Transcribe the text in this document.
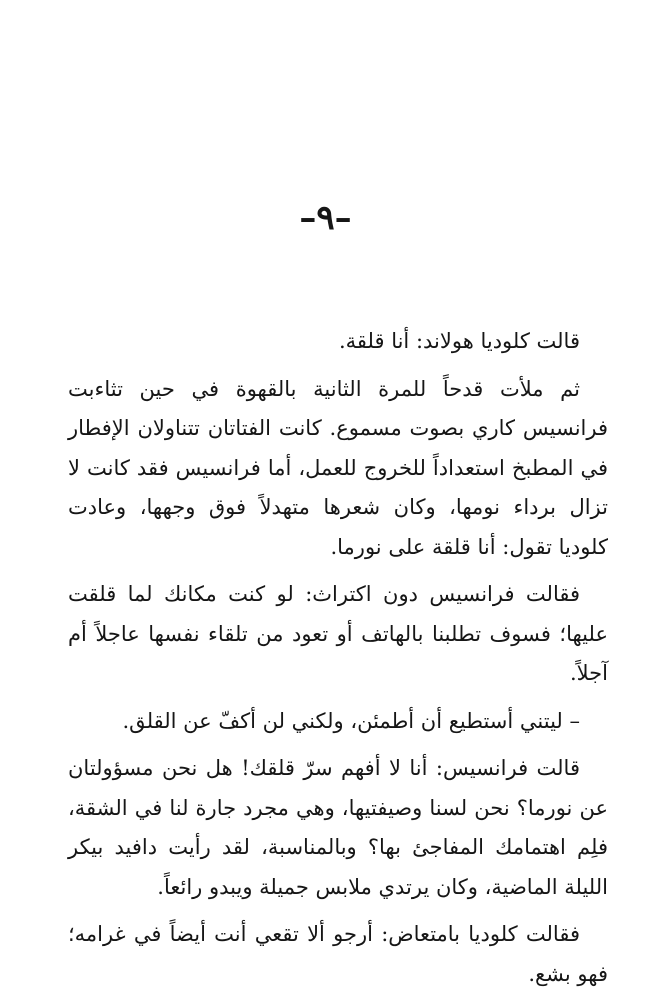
–٩–

قالت كلوديا هولاند: أنا قلقة.

ثم ملأت قدحاً للمرة الثانية بالقهوة في حين تثاءبت فرانسيس كاري بصوت مسموع. كانت الفتاتان تتناولان الإفطار في المطبخ استعداداً للخروج للعمل، أما فرانسيس فقد كانت لا تزال برداء نومها، وكان شعرها متهدلاً فوق وجهها، وعادت كلوديا تقول: أنا قلقة على نورما.

فقالت فرانسيس دون اكتراث: لو كنت مكانك لما قلقت عليها؛ فسوف تطلبنا بالهاتف أو تعود من تلقاء نفسها عاجلاً أم آجلاً.

– ليتني أستطيع أن أطمئن، ولكني لن أكفّ عن القلق.

قالت فرانسيس: أنا لا أفهم سرّ قلقك! هل نحن مسؤولتان عن نورما؟ نحن لسنا وصيفتيها، وهي مجرد جارة لنا في الشقة، فلِم اهتمامك المفاجئ بها؟ وبالمناسبة، لقد رأيت دافيد بيكر الليلة الماضية، وكان يرتدي ملابس جميلة ويبدو رائعاً.

فقالت كلوديا بامتعاض: أرجو ألا تقعي أنت أيضاً في غرامه؛ فهو بشع.
